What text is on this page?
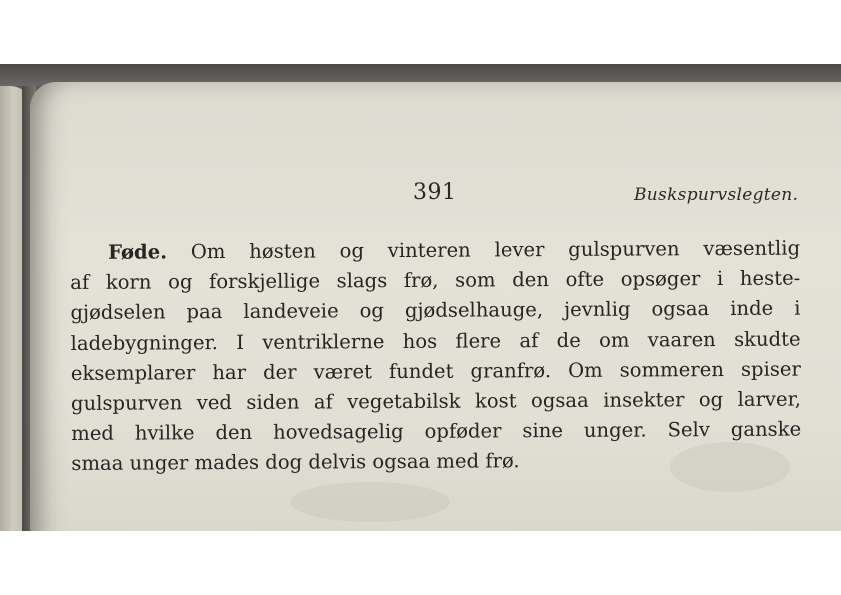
391	Buskspurvslegten.
Føde. Om høsten og vinteren lever gulspurven væsentlig
af korn og forskjellige slags frø, som den ofte opsøger i heste-
gjødselen paa landeveie og gjødselhauge, jevnlig ogsaa inde i
ladebygninger. I ventriklerne hos flere af de om vaaren skudte
eksemplarer har der været fundet granfrø. Om sommeren spiser
gulspurven ved siden af vegetabilsk kost ogsaa insekter og larver,
med hvilke den hovedsagelig opføder sine unger. Selv ganske
smaa unger mades dog delvis ogsaa med frø.
